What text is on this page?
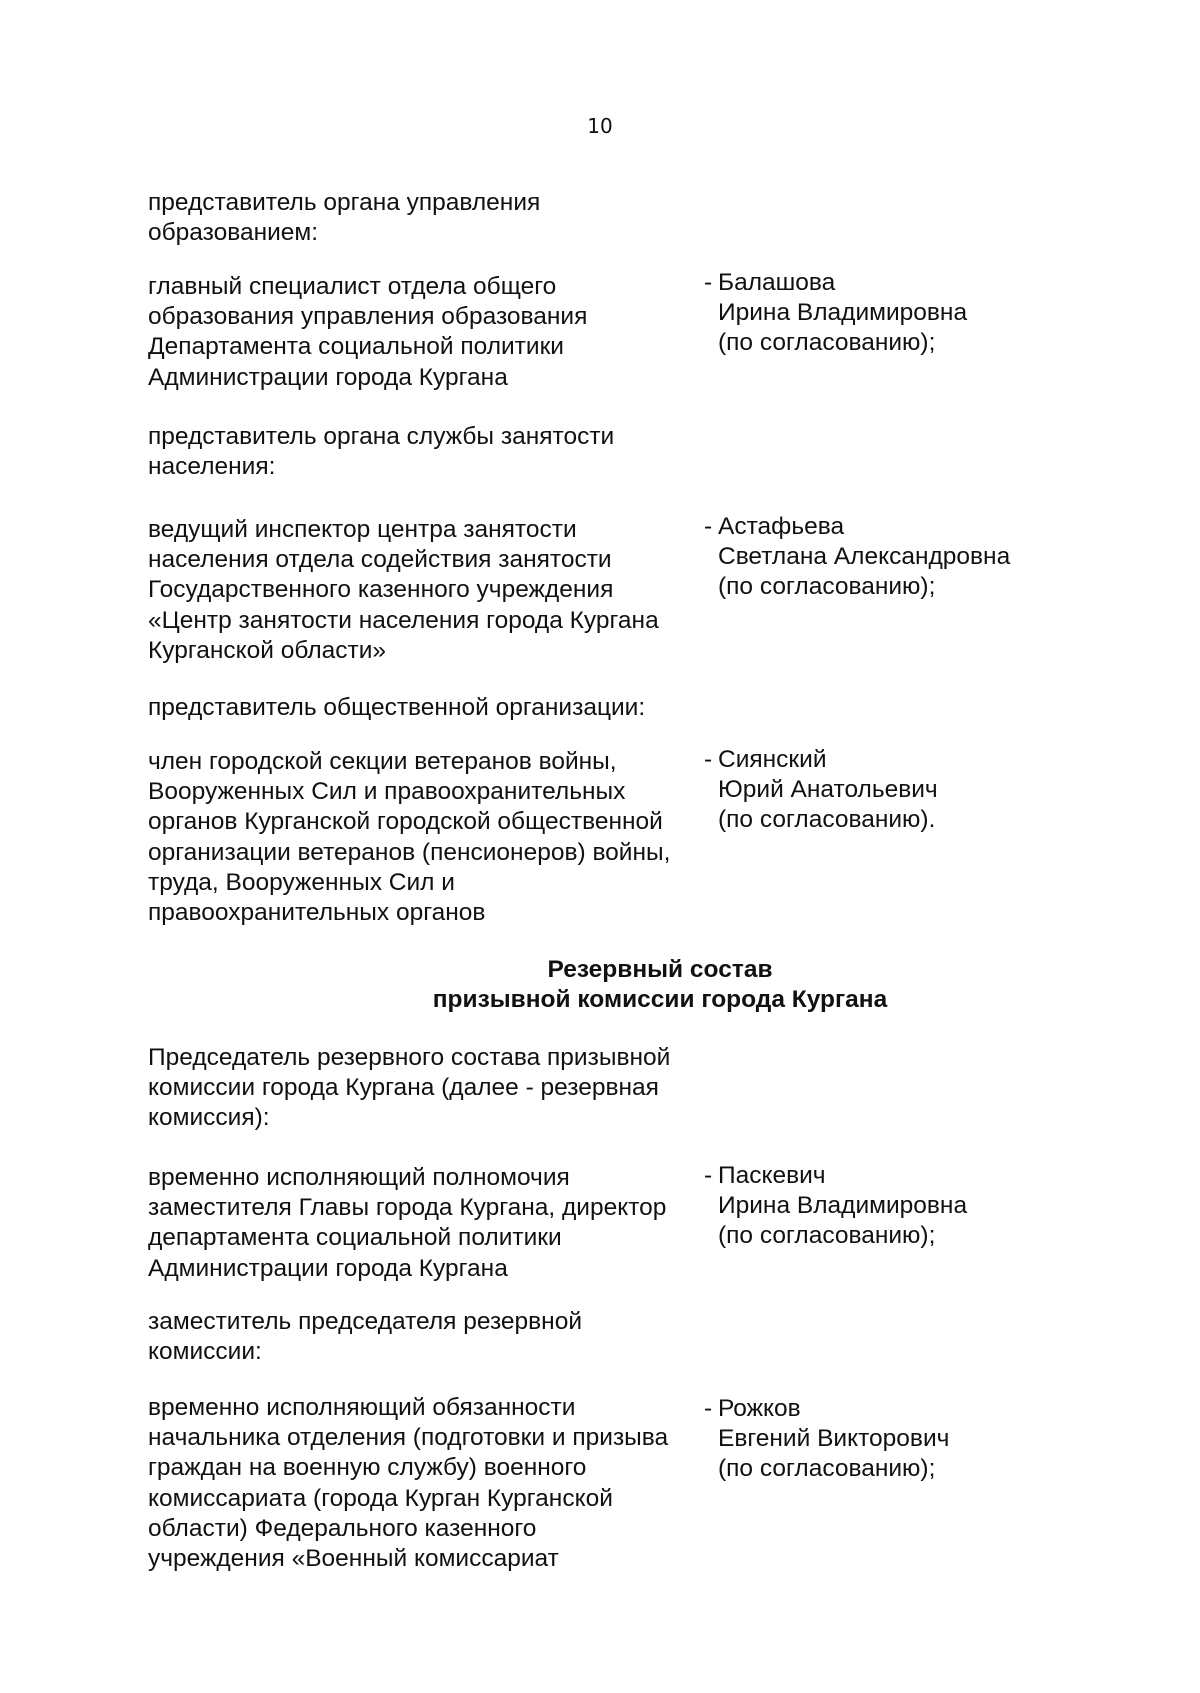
10
представитель органа управления
образованием:
главный специалист отдела общего
образования управления образования
Департамента социальной политики
Администрации города Кургана
- Балашова
Ирина Владимировна
(по согласованию);
представитель органа службы занятости
населения:
ведущий инспектор центра занятости
населения отдела содействия занятости
Государственного казенного учреждения
«Центр занятости населения города Кургана
Курганской области»
- Астафьева
Светлана Александровна
(по согласованию);
представитель общественной организации:
член городской секции ветеранов войны,
Вооруженных Сил и правоохранительных
органов Курганской городской общественной
организации ветеранов (пенсионеров) войны,
труда, Вооруженных Сил и
правоохранительных органов
- Сиянский
Юрий Анатольевич
(по согласованию).
Резервный состав
призывной комиссии города Кургана
Председатель резервного состава призывной
комиссии города Кургана (далее - резервная
комиссия):
временно исполняющий полномочия
заместителя Главы города Кургана, директор
департамента социальной политики
Администрации города Кургана
- Паскевич
Ирина Владимировна
(по согласованию);
заместитель председателя резервной
комиссии:
временно исполняющий обязанности
начальника отделения (подготовки и призыва
граждан на военную службу) военного
комиссариата (города Курган Курганской
области) Федерального казенного
учреждения «Военный комиссариат
- Рожков
Евгений Викторович
(по согласованию);
